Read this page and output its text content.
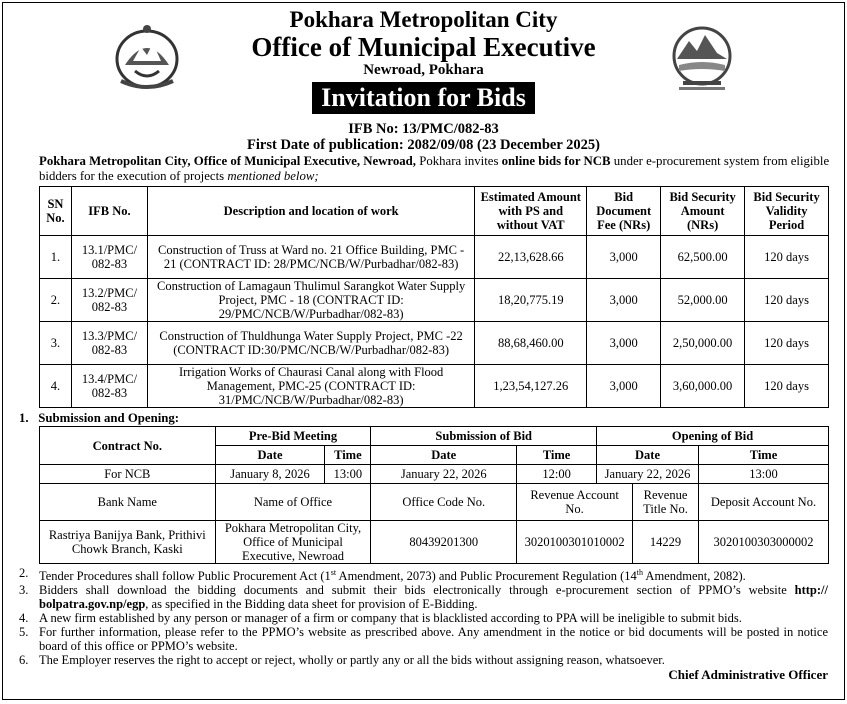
Pokhara Metropolitan City
Office of Municipal Executive
Newroad, Pokhara
Invitation for Bids
IFB No: 13/PMC/082-83
First Date of publication: 2082/09/08 (23 December 2025)
Pokhara Metropolitan City, Office of Municipal Executive, Newroad, Pokhara invites online bids for NCB under e-procurement system from eligible bidders for the execution of projects mentioned below;
SN No.	IFB No.	Description and location of work	Estimated Amount with PS and without VAT	Bid Document Fee (NRs)	Bid Security Amount (NRs)	Bid Security Validity Period
1.	13.1/PMC/ 082-83	Construction of Truss at Ward no. 21 Office Building, PMC - 21 (CONTRACT ID: 28/PMC/NCB/W/Purbadhar/082-83)	22,13,628.66	3,000	62,500.00	120 days
2.	13.2/PMC/ 082-83	Construction of Lamagaun Thulimul Sarangkot Water Supply Project, PMC - 18 (CONTRACT ID: 29/PMC/NCB/W/Purbadhar/082-83)	18,20,775.19	3,000	52,000.00	120 days
3.	13.3/PMC/ 082-83	Construction of Thuldhunga Water Supply Project, PMC -22 (CONTRACT ID:30/PMC/NCB/W/Purbadhar/082-83)	88,68,460.00	3,000	2,50,000.00	120 days
4.	13.4/PMC/ 082-83	Irrigation Works of Chaurasi Canal along with Flood Management, PMC-25 (CONTRACT ID: 31/PMC/NCB/W/Purbadhar/082-83)	1,23,54,127.26	3,000	3,60,000.00	120 days
1. Submission and Opening:
Contract No.	Pre-Bid Meeting		Submission of Bid		Opening of Bid		
	Date	Time	Date	Time	Date		Time
For NCB	January 8, 2026	13:00	January 22, 2026	12:00	January 22, 2026		13:00
Bank Name	Name of Office		Office Code No.	Revenue Account No.		Revenue Title No.	Deposit Account No.
Rastriya Banijya Bank, Prithivi Chowk Branch, Kaski	Pokhara Metropolitan City, Office of Municipal Executive, Newroad		80439201300	3020100301010002		14229	3020100303000002
2. Tender Procedures shall follow Public Procurement Act (1st Amendment, 2073) and Public Procurement Regulation (14th Amendment, 2082).
3. Bidders shall download the bidding documents and submit their bids electronically through e-procurement section of PPMO’s website http:// bolpatra.gov.np/egp, as specified in the Bidding data sheet for provision of E-Bidding.
4. A new firm established by any person or manager of a firm or company that is blacklisted according to PPA will be ineligible to submit bids.
5. For further information, please refer to the PPMO’s website as prescribed above. Any amendment in the notice or bid documents will be posted in notice board of this office or PPMO’s website.
6. The Employer reserves the right to accept or reject, wholly or partly any or all the bids without assigning reason, whatsoever.
Chief Administrative Officer
